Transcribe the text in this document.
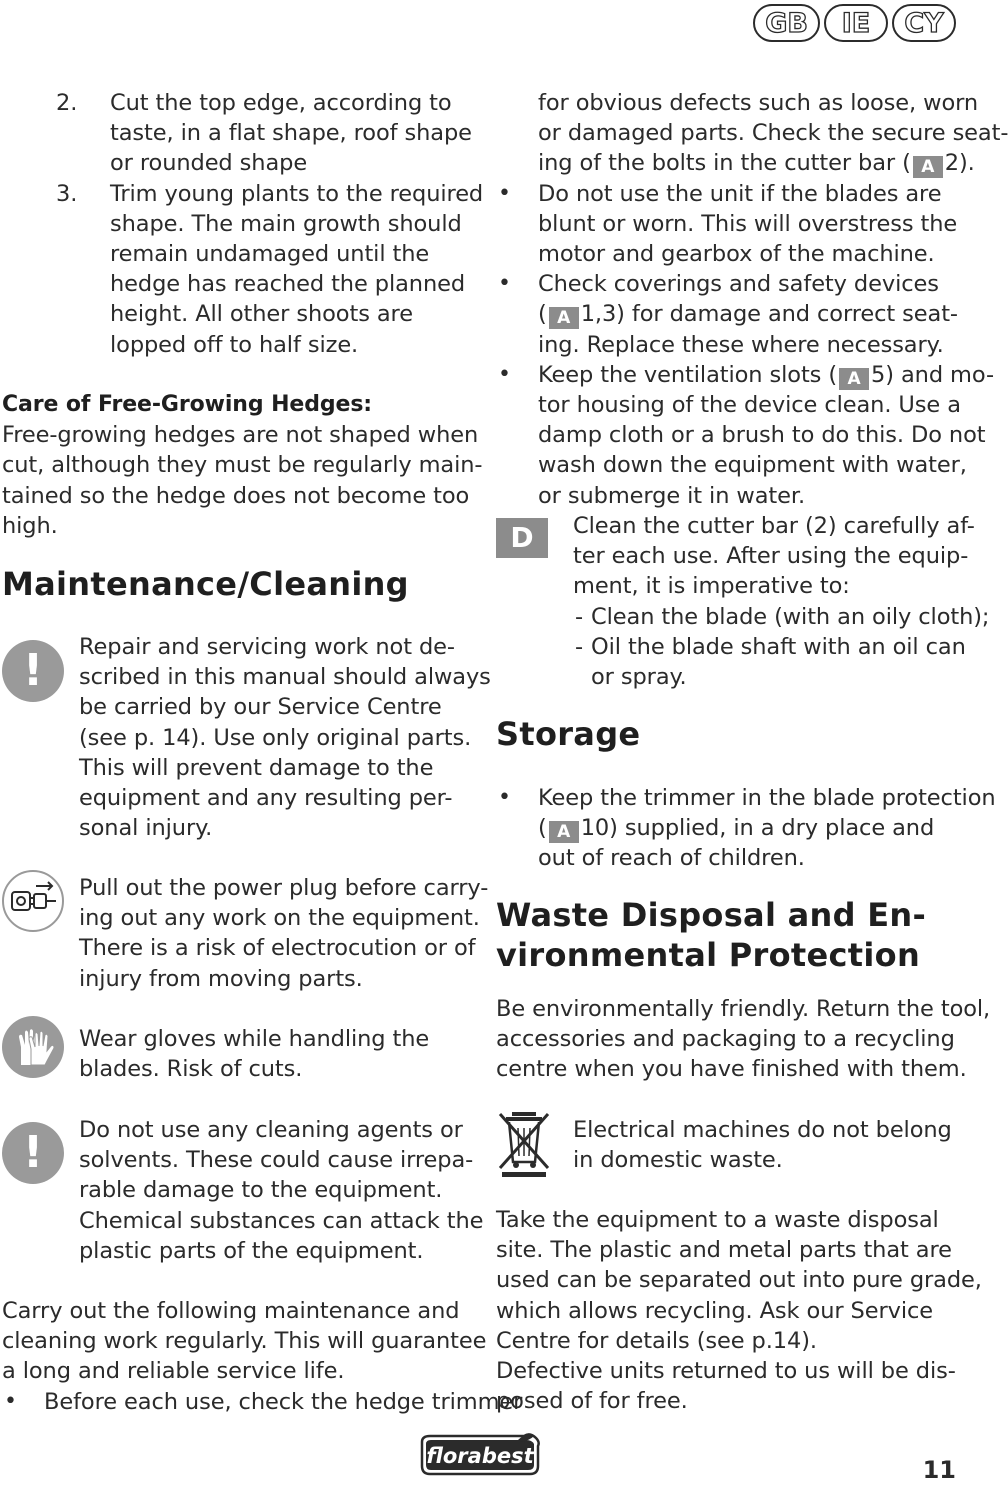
GB	IE	CY
2. Cut the top edge, according to
taste, in a flat shape, roof shape
or rounded shape
3. Trim young plants to the required
shape. The main growth should
remain undamaged until the
hedge has reached the planned
height. All other shoots are
lopped off to half size.
Care of Free-Growing Hedges:
Free-growing hedges are not shaped when
cut, although they must be regularly main-
tained so the hedge does not become too
high.
Maintenance/Cleaning
! Repair and servicing work not de-
scribed in this manual should always
be carried by our Service Centre
(see p. 14). Use only original parts.
This will prevent damage to the
equipment and any resulting per-
sonal injury.
Pull out the power plug before carry-
ing out any work on the equipment.
There is a risk of electrocution or of
injury from moving parts.
Wear gloves while handling the
blades. Risk of cuts.
! Do not use any cleaning agents or
solvents. These could cause irrepa-
rable damage to the equipment.
Chemical substances can attack the
plastic parts of the equipment.
Carry out the following maintenance and
cleaning work regularly. This will guarantee
a long and reliable service life.
• Before each use, check the hedge trimmer
for obvious defects such as loose, worn
or damaged parts. Check the secure seat-
ing of the bolts in the cutter bar ( A 2).
• Do not use the unit if the blades are
blunt or worn. This will overstress the
motor and gearbox of the machine.
• Check coverings and safety devices
( A 1,3) for damage and correct seat-
ing. Replace these where necessary.
• Keep the ventilation slots ( A 5) and mo-
tor housing of the device clean. Use a
damp cloth or a brush to do this. Do not
wash down the equipment with water,
or submerge it in water.
D	Clean the cutter bar (2) carefully af-
ter each use. After using the equip-
ment, it is imperative to:
- Clean the blade (with an oily cloth);
- Oil the blade shaft with an oil can
or spray.
Storage
• Keep the trimmer in the blade protection
( A 10) supplied, in a dry place and
out of reach of children.
Waste Disposal and En-
vironmental Protection
Be environmentally friendly. Return the tool,
accessories and packaging to a recycling
centre when you have finished with them.
Electrical machines do not belong
in domestic waste.
Take the equipment to a waste disposal
site. The plastic and metal parts that are
used can be separated out into pure grade,
which allows recycling. Ask our Service
Centre for details (see p.14).
Defective units returned to us will be dis-
posed of for free.
florabest	11
